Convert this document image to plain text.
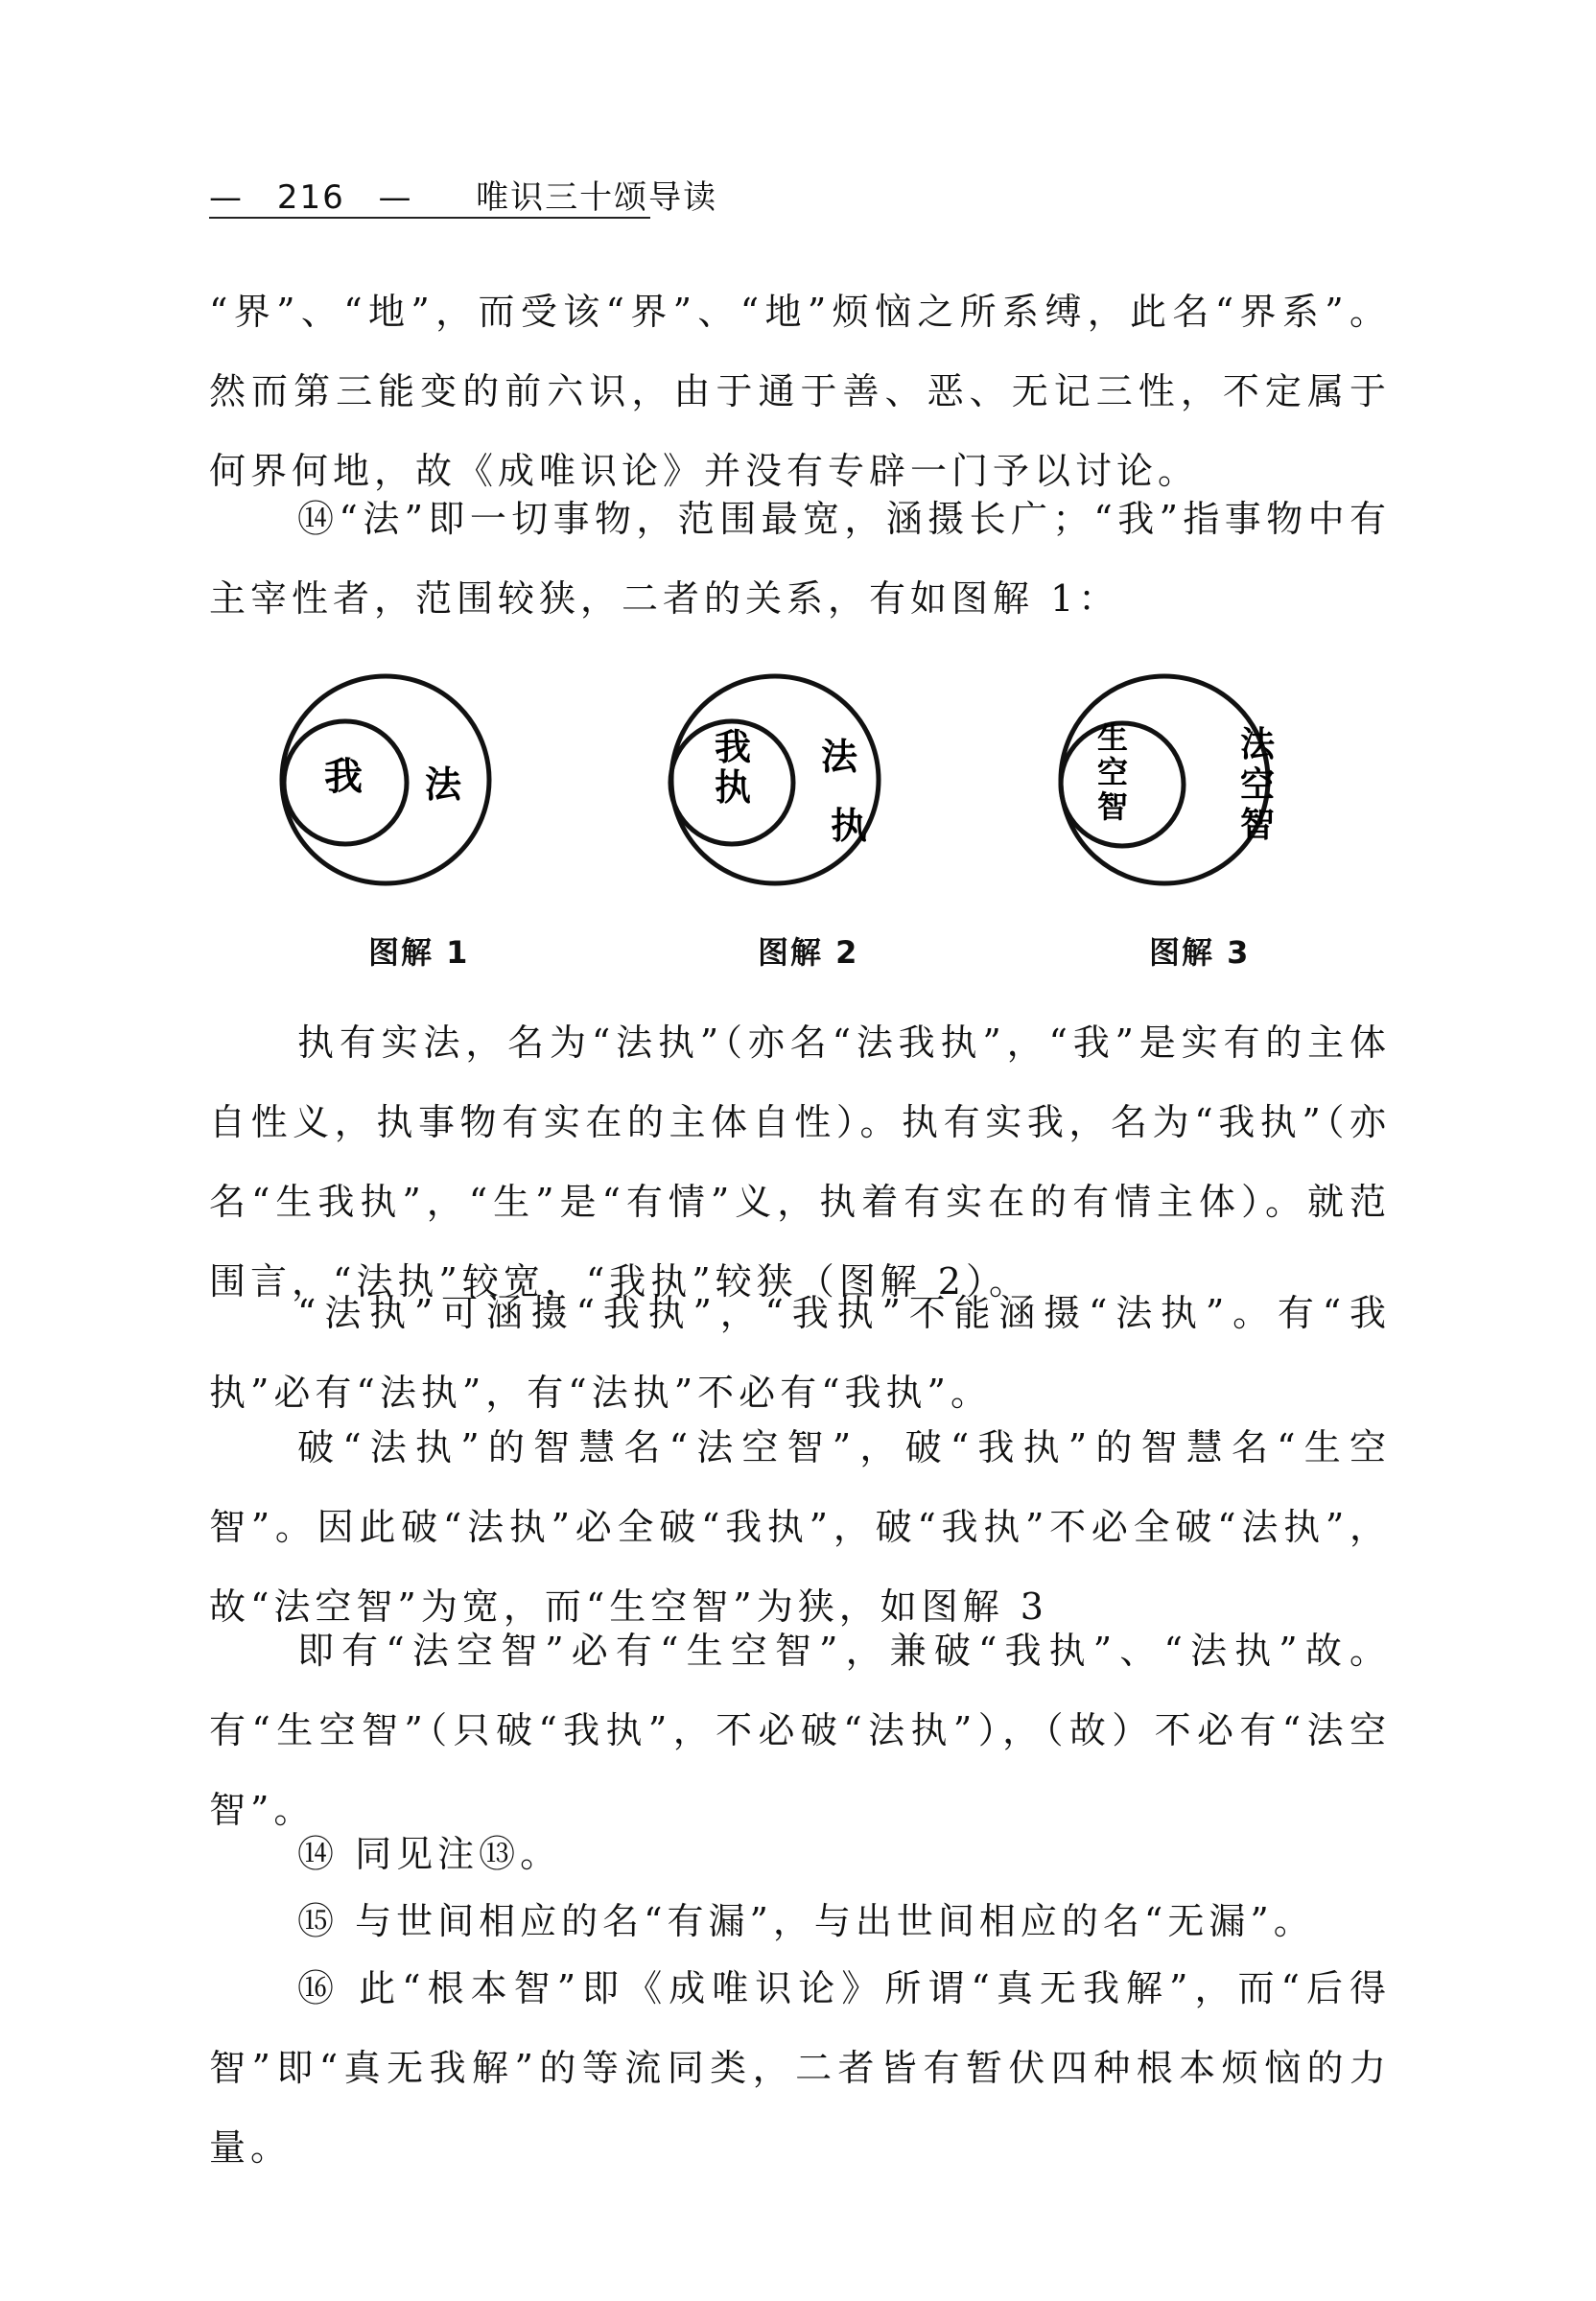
— 216 — 唯识三十颂导读

“界”、“地”，而受该“界”、“地”烦恼之所系缚，此名“界系”。然而第三能变的前六识，由于通于善、恶、无记三性，不定属于何界何地，故《成唯识论》并没有专辟一门予以讨论。

⑭“法”即一切事物，范围最宽，涵摄长广；“我”指事物中有主宰性者，范围较狭，二者的关系，有如图解 1：

我 法
我
执
法
执
生
空
智
法
空
智
图解 1	图解 2	图解 3

执有实法，名为“法执”（亦名“法我执”，“我”是实有的主体自性义，执事物有实在的主体自性）。执有实我，名为“我执”（亦名“生我执”，“生”是“有情”义，执着有实在的有情主体）。就范围言，“法执”较宽，“我执”较狭（图解 2）。

“法执”可涵摄“我执”，“我执”不能涵摄“法执”。有“我执”必有“法执”，有“法执”不必有“我执”。

破“法执”的智慧名“法空智”，破“我执”的智慧名“生空智”。因此破“法执”必全破“我执”，破“我执”不必全破“法执”，故“法空智”为宽，而“生空智”为狭，如图解 3

即有“法空智”必有“生空智”，兼破“我执”、“法执”故。有“生空智”（只破“我执”，不必破“法执”），（故）不必有“法空智”。

⑭ 同见注⑬。

⑮ 与世间相应的名“有漏”，与出世间相应的名“无漏”。

⑯ 此“根本智”即《成唯识论》所谓“真无我解”，而“后得智”即“真无我解”的等流同类，二者皆有暂伏四种根本烦恼的力量。
